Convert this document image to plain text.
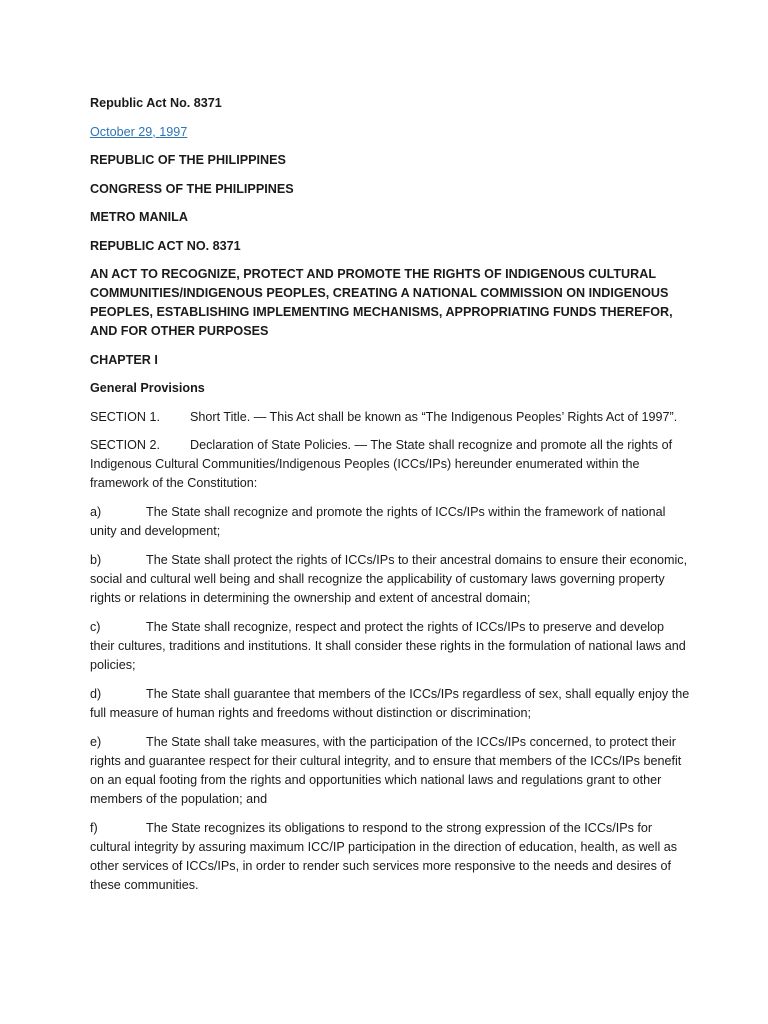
Republic Act No. 8371

October 29, 1997

REPUBLIC OF THE PHILIPPINES

CONGRESS OF THE PHILIPPINES

METRO MANILA

REPUBLIC ACT NO. 8371

AN ACT TO RECOGNIZE, PROTECT AND PROMOTE THE RIGHTS OF INDIGENOUS CULTURAL COMMUNITIES/INDIGENOUS PEOPLES, CREATING A NATIONAL COMMISSION ON INDIGENOUS PEOPLES, ESTABLISHING IMPLEMENTING MECHANISMS, APPROPRIATING FUNDS THEREFOR, AND FOR OTHER PURPOSES

CHAPTER I

General Provisions

SECTION 1. Short Title. — This Act shall be known as “The Indigenous Peoples’ Rights Act of 1997”.

SECTION 2. Declaration of State Policies. — The State shall recognize and promote all the rights of Indigenous Cultural Communities/Indigenous Peoples (ICCs/IPs) hereunder enumerated within the framework of the Constitution:

a)	The State shall recognize and promote the rights of ICCs/IPs within the framework of national unity and development;

b)	The State shall protect the rights of ICCs/IPs to their ancestral domains to ensure their economic, social and cultural well being and shall recognize the applicability of customary laws governing property rights or relations in determining the ownership and extent of ancestral domain;

c)	The State shall recognize, respect and protect the rights of ICCs/IPs to preserve and develop their cultures, traditions and institutions. It shall consider these rights in the formulation of national laws and policies;

d)	The State shall guarantee that members of the ICCs/IPs regardless of sex, shall equally enjoy the full measure of human rights and freedoms without distinction or discrimination;

e)	The State shall take measures, with the participation of the ICCs/IPs concerned, to protect their rights and guarantee respect for their cultural integrity, and to ensure that members of the ICCs/IPs benefit on an equal footing from the rights and opportunities which national laws and regulations grant to other members of the population; and

f)	The State recognizes its obligations to respond to the strong expression of the ICCs/IPs for cultural integrity by assuring maximum ICC/IP participation in the direction of education, health, as well as other services of ICCs/IPs, in order to render such services more responsive to the needs and desires of these communities.
